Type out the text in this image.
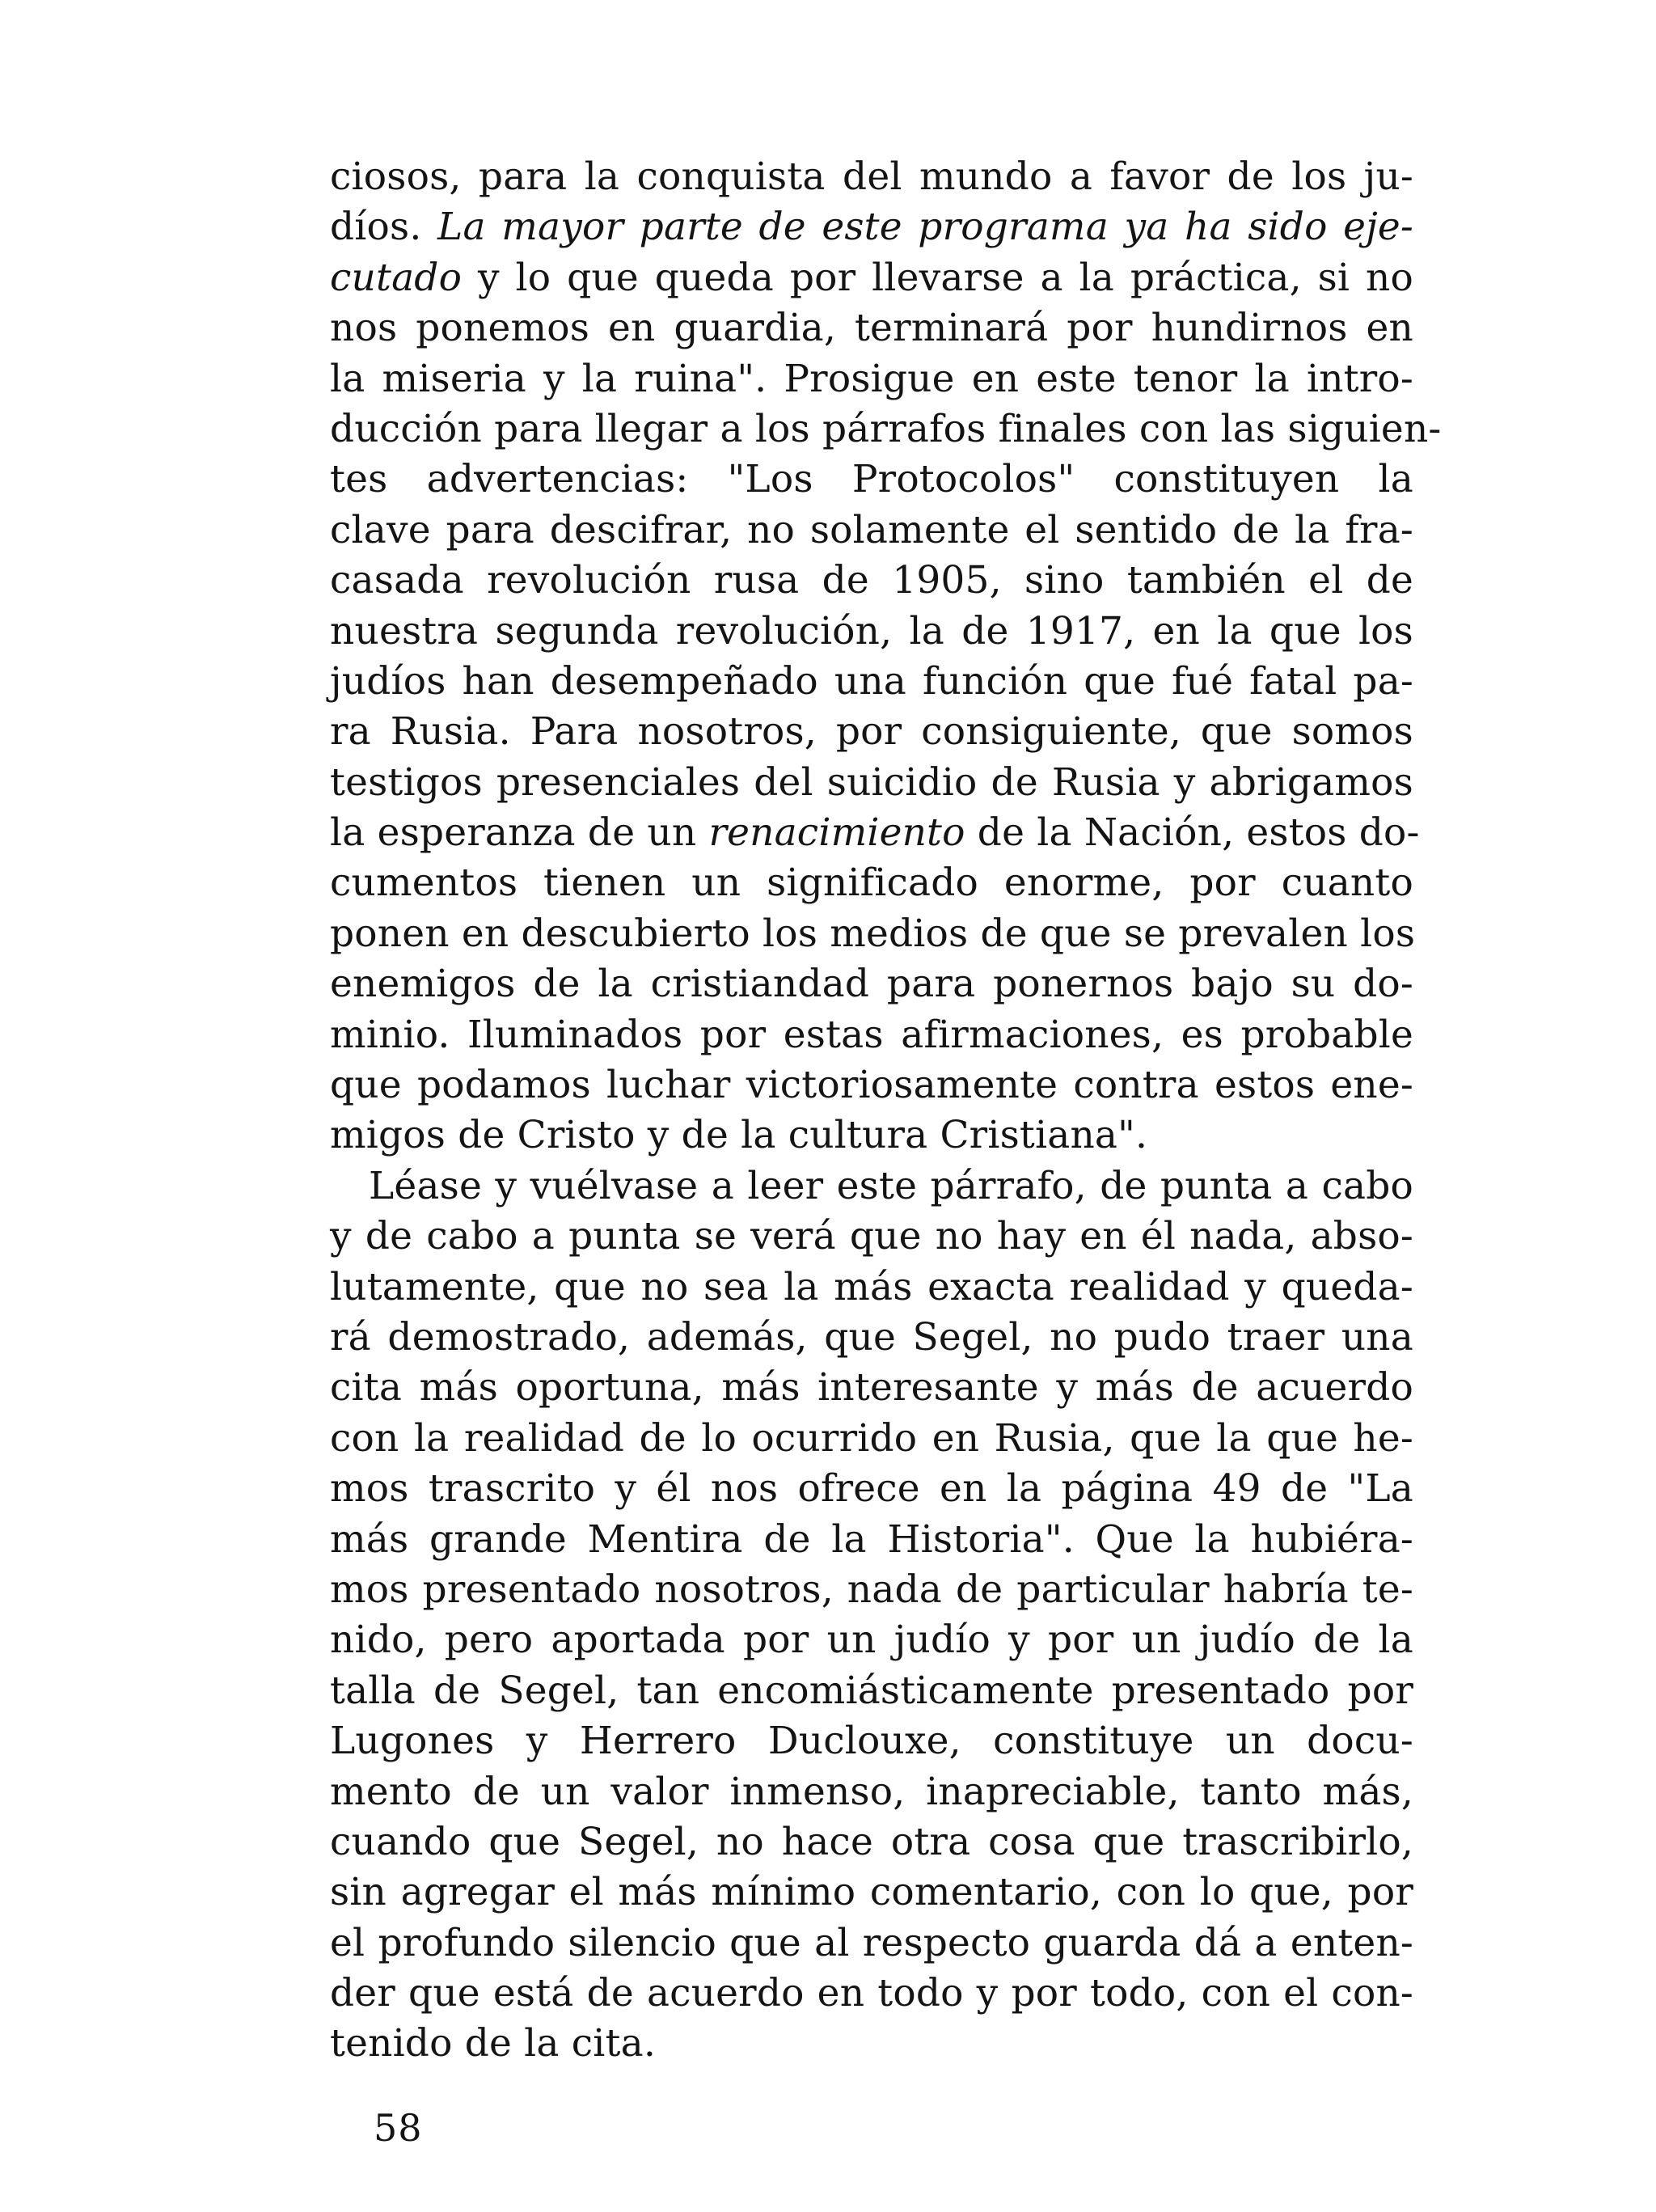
ciosos, para la conquista del mundo a favor de los ju-
díos. La mayor parte de este programa ya ha sido eje-
cutado y lo que queda por llevarse a la práctica, si no
nos ponemos en guardia, terminará por hundirnos en
la miseria y la ruina". Prosigue en este tenor la intro-
ducción para llegar a los párrafos finales con las siguien-
tes advertencias: "Los Protocolos" constituyen la
clave para descifrar, no solamente el sentido de la fra-
casada revolución rusa de 1905, sino también el de
nuestra segunda revolución, la de 1917, en la que los
judíos han desempeñado una función que fué fatal pa-
ra Rusia. Para nosotros, por consiguiente, que somos
testigos presenciales del suicidio de Rusia y abrigamos
la esperanza de un renacimiento de la Nación, estos do-
cumentos tienen un significado enorme, por cuanto
ponen en descubierto los medios de que se prevalen los
enemigos de la cristiandad para ponernos bajo su do-
minio. Iluminados por estas afirmaciones, es probable
que podamos luchar victoriosamente contra estos ene-
migos de Cristo y de la cultura Cristiana".
Léase y vuélvase a leer este párrafo, de punta a cabo
y de cabo a punta se verá que no hay en él nada, abso-
lutamente, que no sea la más exacta realidad y queda-
rá demostrado, además, que Segel, no pudo traer una
cita más oportuna, más interesante y más de acuerdo
con la realidad de lo ocurrido en Rusia, que la que he-
mos trascrito y él nos ofrece en la página 49 de "La
más grande Mentira de la Historia". Que la hubiéra-
mos presentado nosotros, nada de particular habría te-
nido, pero aportada por un judío y por un judío de la
talla de Segel, tan encomiásticamente presentado por
Lugones y Herrero Duclouxe, constituye un docu-
mento de un valor inmenso, inapreciable, tanto más,
cuando que Segel, no hace otra cosa que trascribirlo,
sin agregar el más mínimo comentario, con lo que, por
el profundo silencio que al respecto guarda dá a enten-
der que está de acuerdo en todo y por todo, con el con-
tenido de la cita.
58
